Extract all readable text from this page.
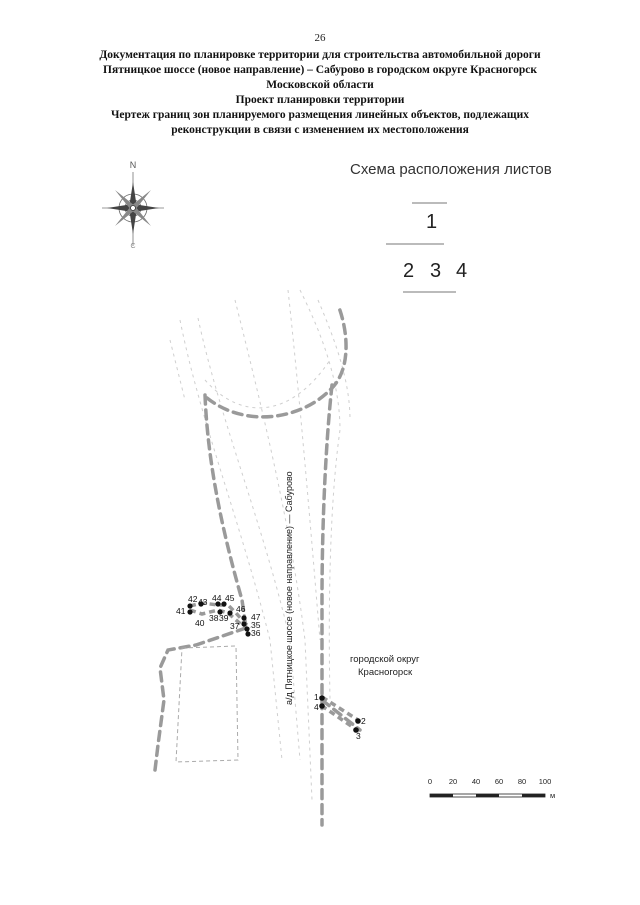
26
Документация по планировке территории для строительства автомобильной дороги
Пятницкое шоссе (новое направление) – Сабурово в городском округе Красногорск
Московской области
Проект планировки территории
Чертеж границ зон планируемого размещения линейных объектов, подлежащих
реконструкции в связи с изменением их местоположения
N
С
Схема расположения листов
42 43 44 45
41
40 38 39
46
47
35
37
36
1
4
2
3
а/д Пятницкое шоссе (новое направление) — Сабурово	городской округ
Красногорск
0 20 40 60 80 100
м
1
2 3 4
